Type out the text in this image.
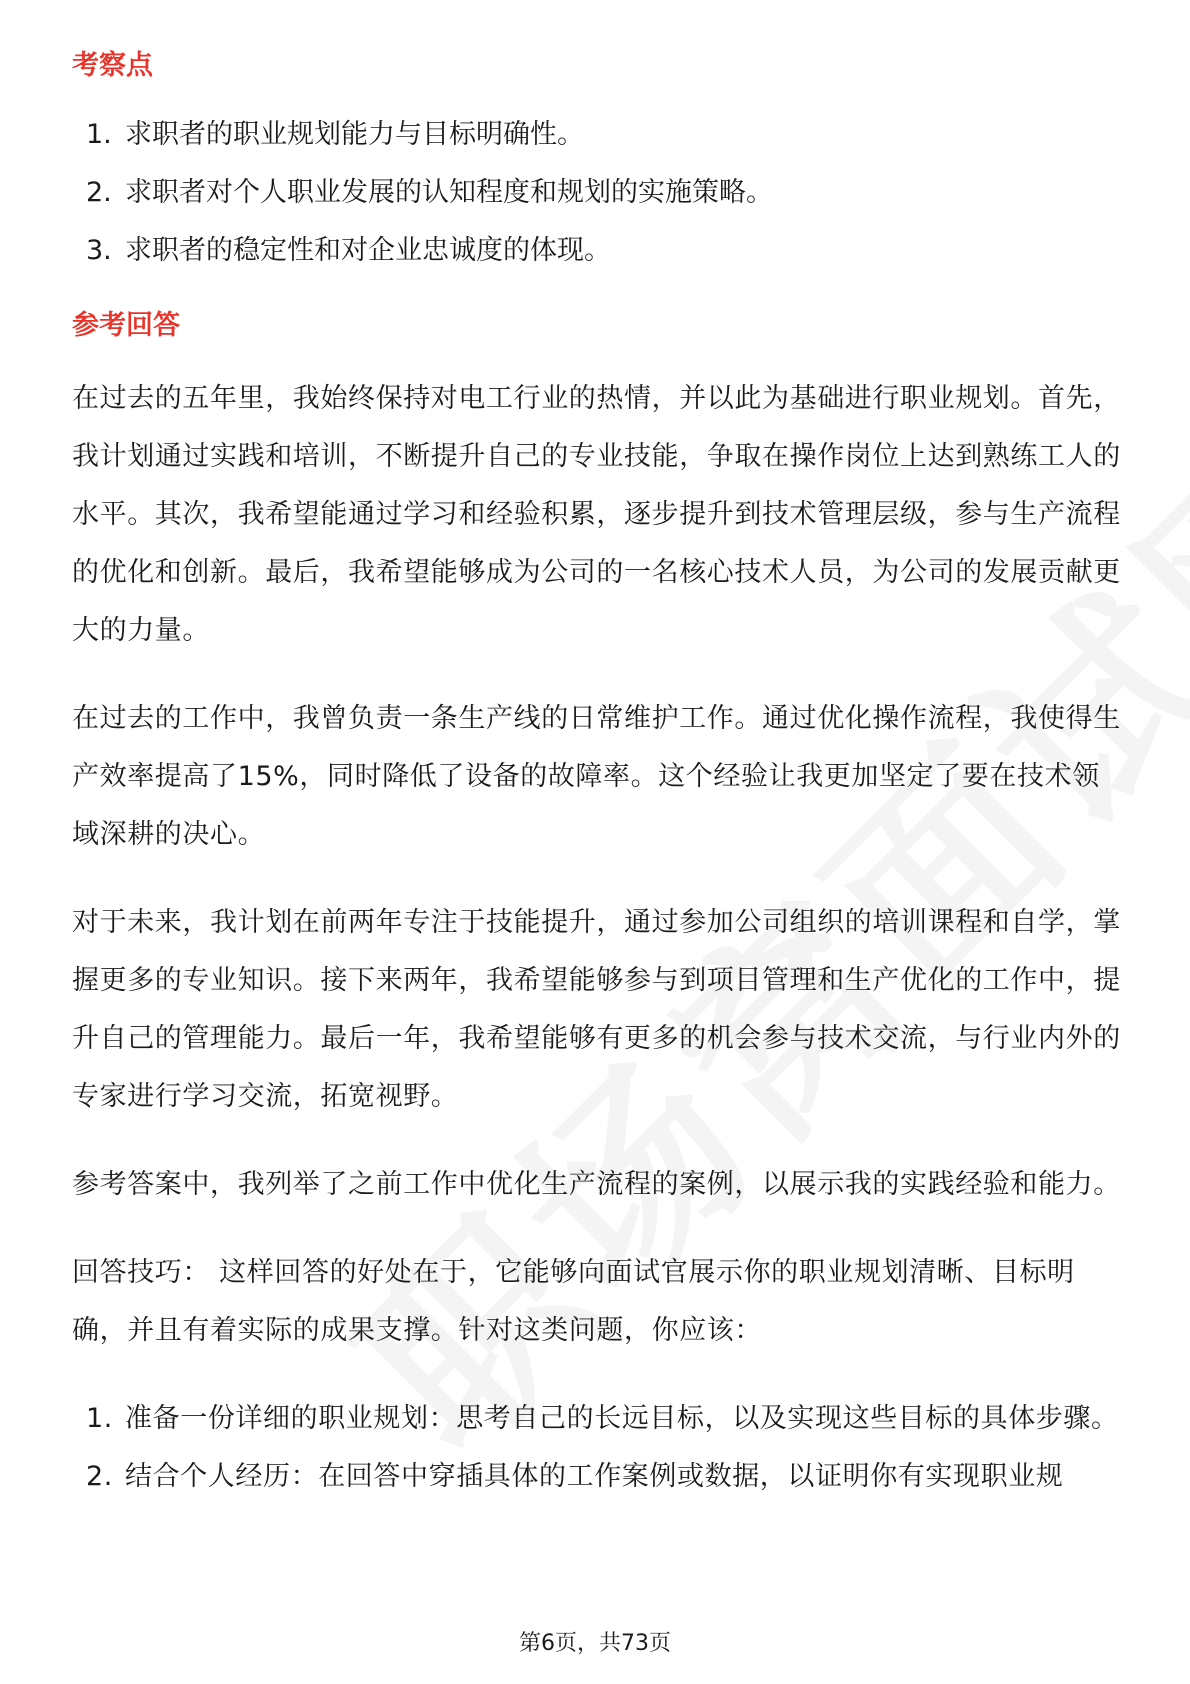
考察点
1. 求职者的职业规划能力与目标明确性。
2. 求职者对个人职业发展的认知程度和规划的实施策略。
3. 求职者的稳定性和对企业忠诚度的体现。
参考回答

在过去的五年里，我始终保持对电工行业的热情，并以此为基础进行职业规划。首先，我计划通过实践和培训，不断提升自己的专业技能，争取在操作岗位上达到熟练工人的水平。其次，我希望能通过学习和经验积累，逐步提升到技术管理层级，参与生产流程的优化和创新。最后，我希望能够成为公司的一名核心技术人员，为公司的发展贡献更大的力量。

在过去的工作中，我曾负责一条生产线的日常维护工作。通过优化操作流程，我使得生产效率提高了15%，同时降低了设备的故障率。这个经验让我更加坚定了要在技术领域深耕的决心。

对于未来，我计划在前两年专注于技能提升，通过参加公司组织的培训课程和自学，掌握更多的专业知识。接下来两年，我希望能够参与到项目管理和生产优化的工作中，提升自己的管理能力。最后一年，我希望能够有更多的机会参与技术交流，与行业内外的专家进行学习交流，拓宽视野。

参考答案中，我列举了之前工作中优化生产流程的案例，以展示我的实践经验和能力。

回答技巧： 这样回答的好处在于，它能够向面试官展示你的职业规划清晰、目标明确，并且有着实际的成果支撑。针对这类问题，你应该：

1. 准备一份详细的职业规划：思考自己的长远目标，以及实现这些目标的具体步骤。
2. 结合个人经历：在回答中穿插具体的工作案例或数据，以证明你有实现职业规
第6页，共73页
